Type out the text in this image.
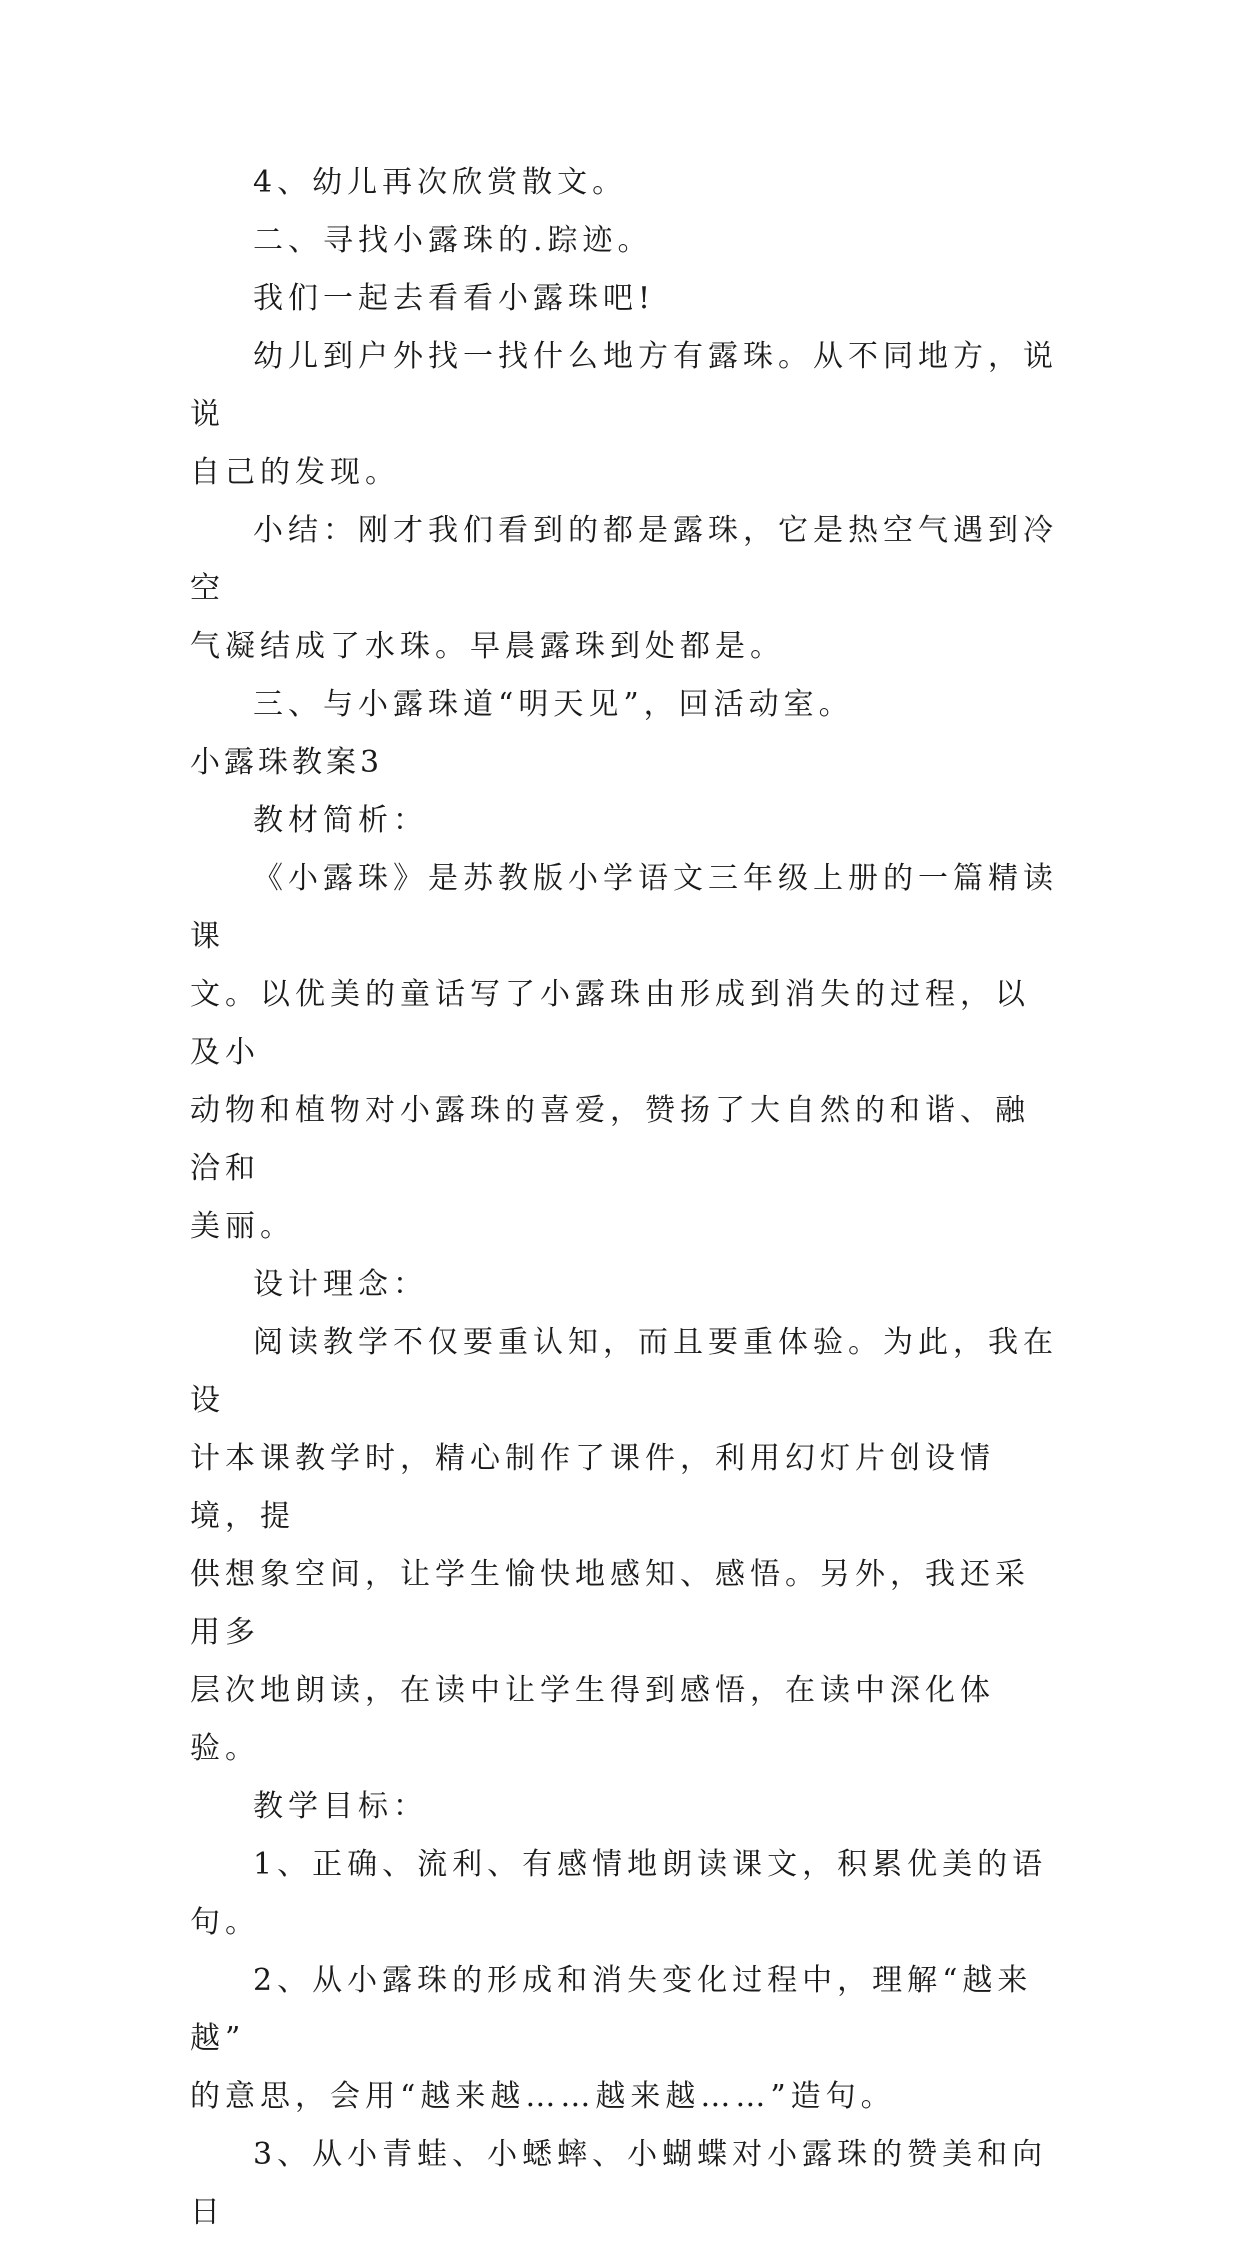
4、幼儿再次欣赏散文。
二、寻找小露珠的.踪迹。
我们一起去看看小露珠吧!
幼儿到户外找一找什么地方有露珠。从不同地方，说说
自己的发现。
小结：刚才我们看到的都是露珠，它是热空气遇到冷空
气凝结成了水珠。早晨露珠到处都是。
三、与小露珠道“明天见”，回活动室。
小露珠教案3
教材简析：
《小露珠》是苏教版小学语文三年级上册的一篇精读课
文。以优美的童话写了小露珠由形成到消失的过程，以及小
动物和植物对小露珠的喜爱，赞扬了大自然的和谐、融洽和
美丽。
设计理念：
阅读教学不仅要重认知，而且要重体验。为此，我在设
计本课教学时，精心制作了课件，利用幻灯片创设情境，提
供想象空间，让学生愉快地感知、感悟。另外，我还采用多
层次地朗读，在读中让学生得到感悟，在读中深化体验。
教学目标：
1、正确、流利、有感情地朗读课文，积累优美的语句。
2、从小露珠的形成和消失变化过程中，理解“越来越”
的意思，会用“越来越……越来越……”造句。
3、从小青蛙、小蟋蟀、小蝴蝶对小露珠的赞美和向日
